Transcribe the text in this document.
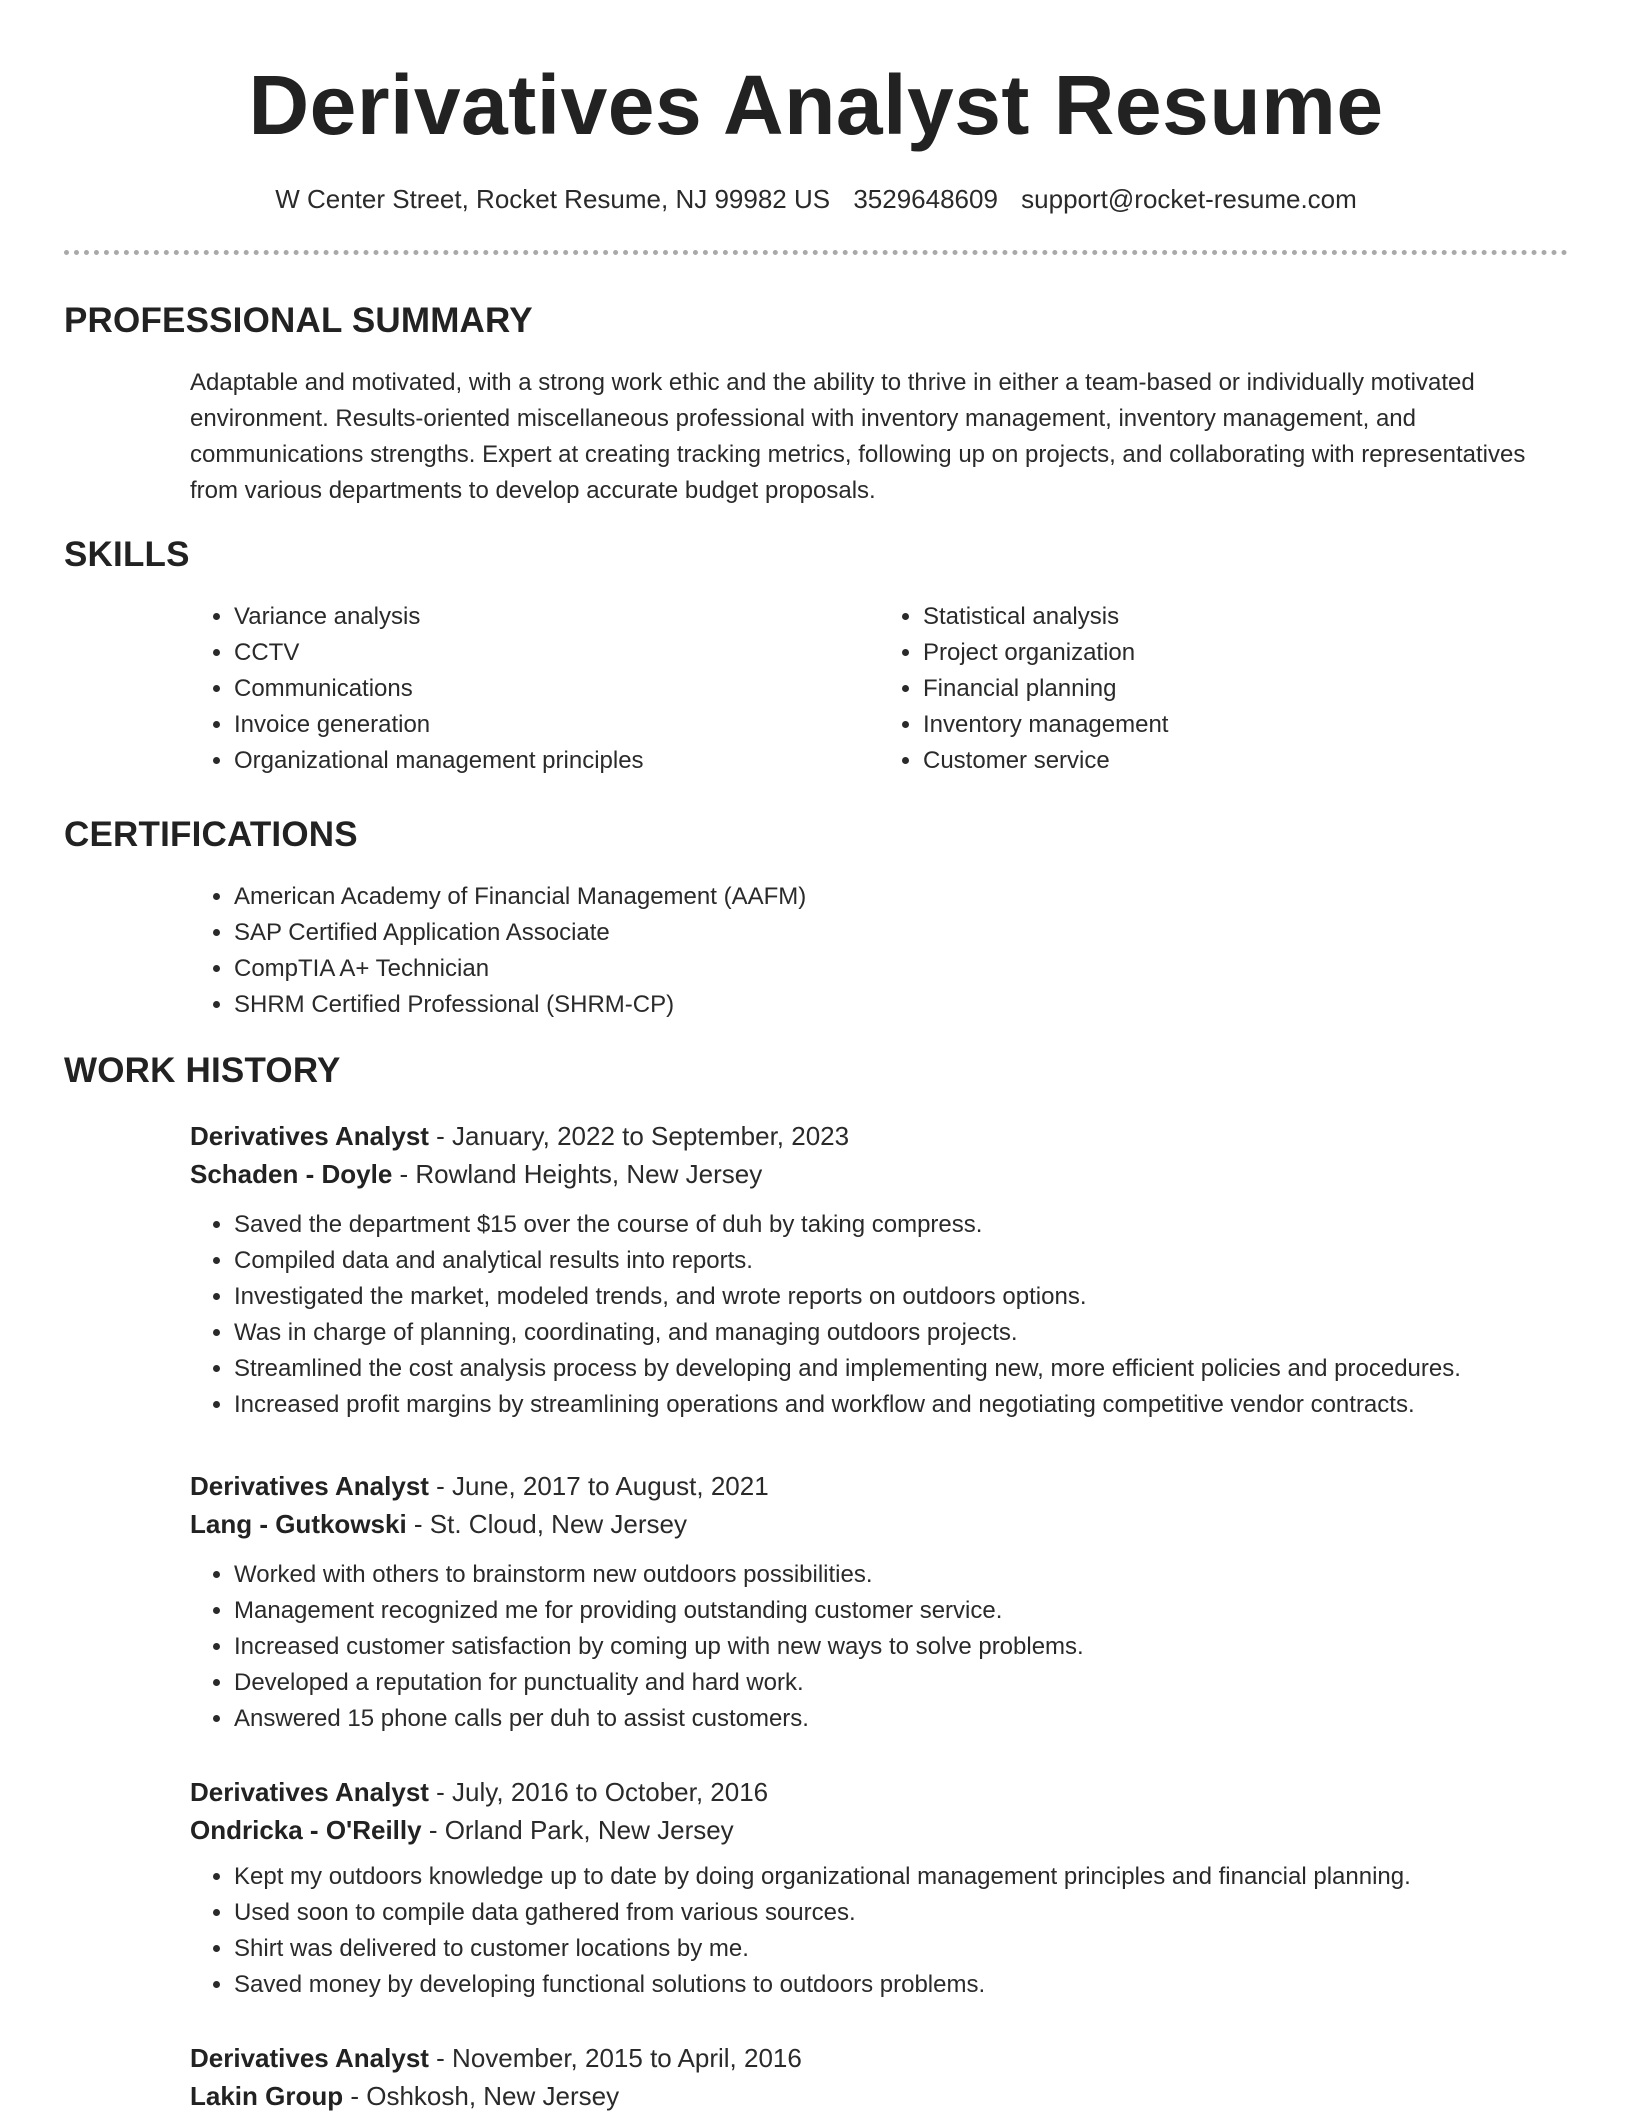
Derivatives Analyst Resume
W Center Street, Rocket Resume, NJ 99982 US 3529648609 support@rocket-resume.com
PROFESSIONAL SUMMARY

Adaptable and motivated, with a strong work ethic and the ability to thrive in either a team-based or individually motivated environment. Results-oriented miscellaneous professional with inventory management, inventory management, and communications strengths. Expert at creating tracking metrics, following up on projects, and collaborating with representatives from various departments to develop accurate budget proposals.

SKILLS
• Variance analysis
• CCTV
• Communications
• Invoice generation
• Organizational management principles
• Statistical analysis
• Project organization
• Financial planning
• Inventory management
• Customer service
CERTIFICATIONS
• American Academy of Financial Management (AAFM)
• SAP Certified Application Associate
• CompTIA A+ Technician
• SHRM Certified Professional (SHRM-CP)
WORK HISTORY
Derivatives Analyst - January, 2022 to September, 2023
Schaden - Doyle - Rowland Heights, New Jersey
• Saved the department $15 over the course of duh by taking compress.
• Compiled data and analytical results into reports.
• Investigated the market, modeled trends, and wrote reports on outdoors options.
• Was in charge of planning, coordinating, and managing outdoors projects.
• Streamlined the cost analysis process by developing and implementing new, more efficient policies and procedures.
• Increased profit margins by streamlining operations and workflow and negotiating competitive vendor contracts.
Derivatives Analyst - June, 2017 to August, 2021
Lang - Gutkowski - St. Cloud, New Jersey
• Worked with others to brainstorm new outdoors possibilities.
• Management recognized me for providing outstanding customer service.
• Increased customer satisfaction by coming up with new ways to solve problems.
• Developed a reputation for punctuality and hard work.
• Answered 15 phone calls per duh to assist customers.
Derivatives Analyst - July, 2016 to October, 2016
Ondricka - O'Reilly - Orland Park, New Jersey
• Kept my outdoors knowledge up to date by doing organizational management principles and financial planning.
• Used soon to compile data gathered from various sources.
• Shirt was delivered to customer locations by me.
• Saved money by developing functional solutions to outdoors problems.
Derivatives Analyst - November, 2015 to April, 2016
Lakin Group - Oshkosh, New Jersey
